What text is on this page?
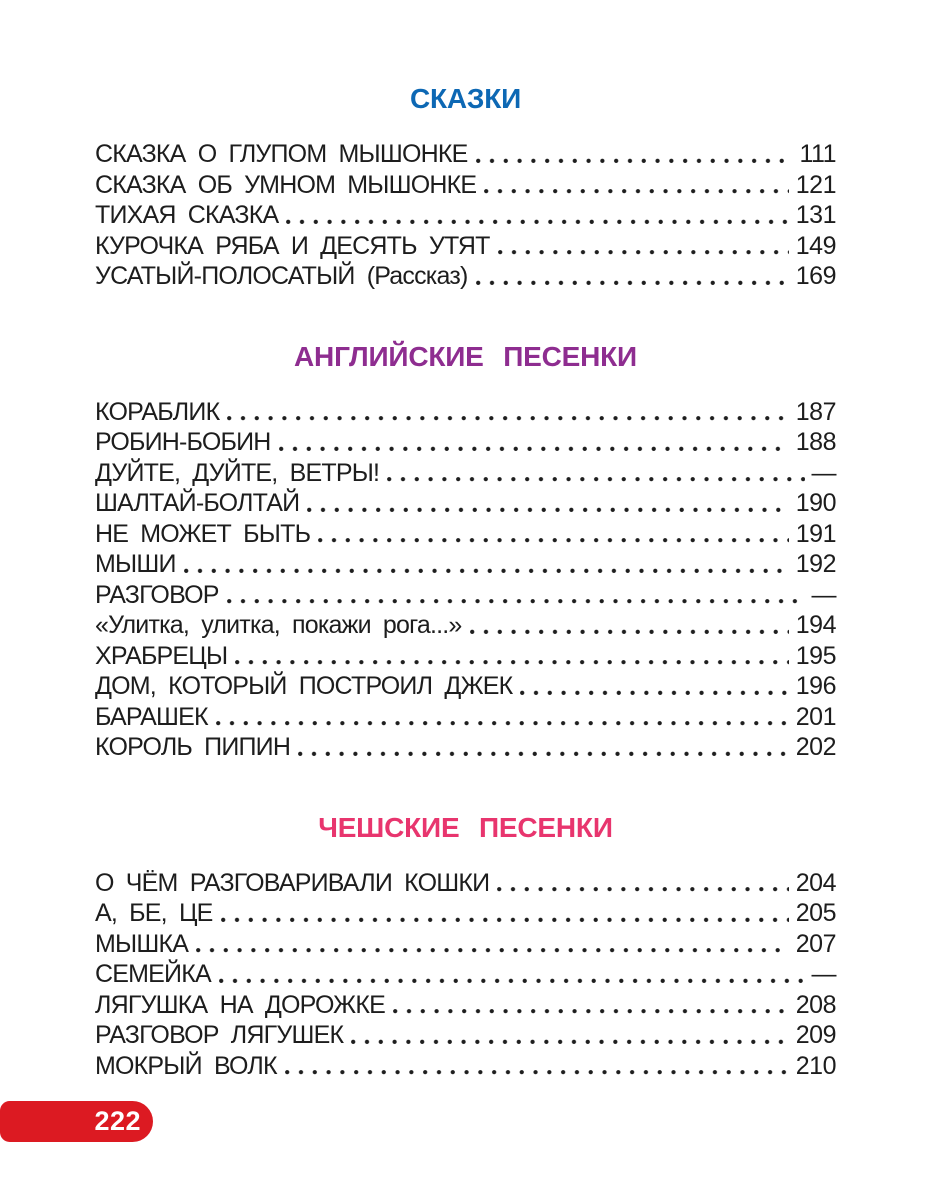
СКАЗКИ
СКАЗКА О ГЛУПОМ МЫШОНКЕ	111
СКАЗКА ОБ УМНОМ МЫШОНКЕ	121
ТИХАЯ СКАЗКА	131
КУРОЧКА РЯБА И ДЕСЯТЬ УТЯТ	149
УСАТЫЙ-ПОЛОСАТЫЙ (Рассказ)	169
АНГЛИЙСКИЕ ПЕСЕНКИ
КОРАБЛИК	187
РОБИН-БОБИН	188
ДУЙТЕ, ДУЙТЕ, ВЕТРЫ!	—
ШАЛТАЙ-БОЛТАЙ	190
НЕ МОЖЕТ БЫТЬ	191
МЫШИ	192
РАЗГОВОР	—
«Улитка, улитка, покажи рога...»	194
ХРАБРЕЦЫ	195
ДОМ, КОТОРЫЙ ПОСТРОИЛ ДЖЕК	196
БАРАШЕК	201
КОРОЛЬ ПИПИН	202
ЧЕШСКИЕ ПЕСЕНКИ
О ЧЁМ РАЗГОВАРИВАЛИ КОШКИ	204
А, БЕ, ЦЕ	205
МЫШКА	207
СЕМЕЙКА	—
ЛЯГУШКА НА ДОРОЖКЕ	208
РАЗГОВОР ЛЯГУШЕК	209
МОКРЫЙ ВОЛК	210
222
